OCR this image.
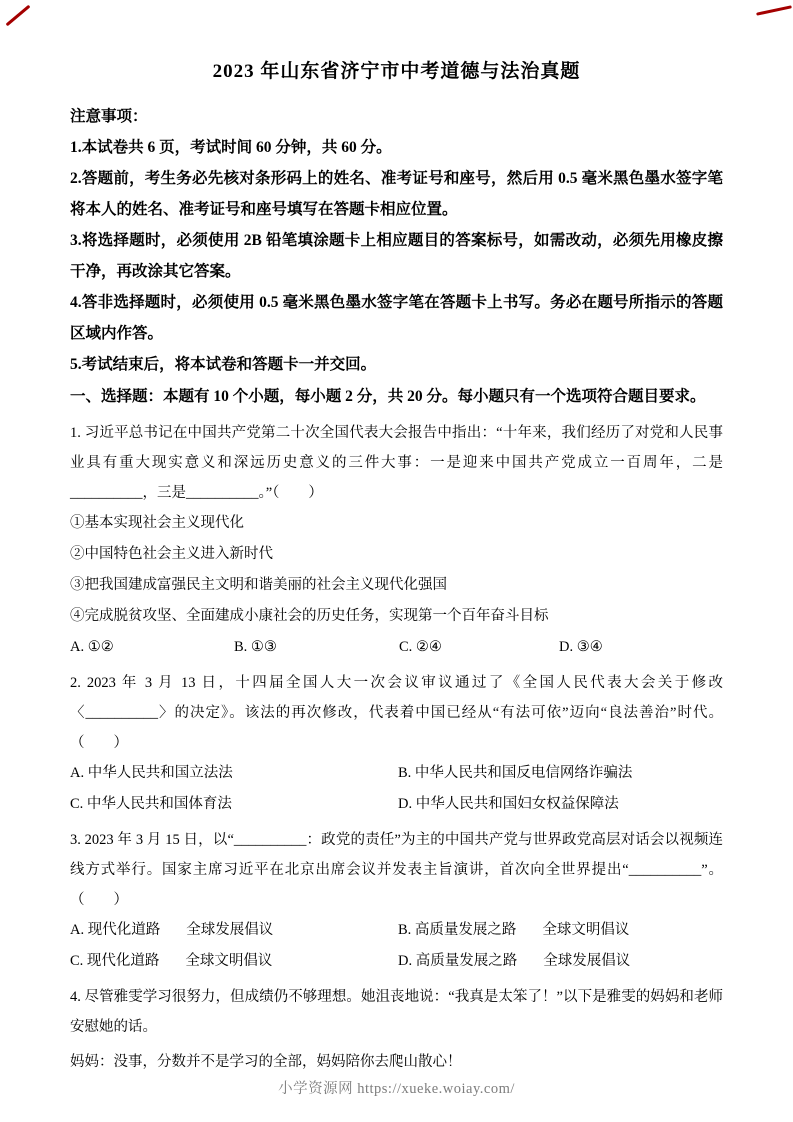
2023 年山东省济宁市中考道德与法治真题

注意事项：

1.本试卷共 6 页，考试时间 60 分钟，共 60 分。

2.答题前，考生务必先核对条形码上的姓名、准考证号和座号，然后用 0.5 毫米黑色墨水签字笔将本人的姓名、准考证号和座号填写在答题卡相应位置。

3.将选择题时，必须使用 2B 铅笔填涂题卡上相应题目的答案标号，如需改动，必须先用橡皮擦干净，再改涂其它答案。

4.答非选择题时，必须使用 0.5 毫米黑色墨水签字笔在答题卡上书写。务必在题号所指示的答题区域内作答。

5.考试结束后，将本试卷和答题卡一并交回。

一、选择题：本题有 10 个小题，每小题 2 分，共 20 分。每小题只有一个选项符合题目要求。

1. 习近平总书记在中国共产党第二十次全国代表大会报告中指出：“十年来，我们经历了对党和人民事业具有重大现实意义和深远历史意义的三件大事：一是迎来中国共产党成立一百周年，二是__________，三是__________。”（　　）

①基本实现社会主义现代化

②中国特色社会主义进入新时代

③把我国建成富强民主文明和谐美丽的社会主义现代化强国

④完成脱贫攻坚、全面建成小康社会的历史任务，实现第一个百年奋斗目标

A. ①②	B. ①③	C. ②④	D. ③④

2. 2023 年 3 月 13 日，十四届全国人大一次会议审议通过了《全国人民代表大会关于修改〈__________〉的决定》。该法的再次修改，代表着中国已经从“有法可依”迈向“良法善治”时代。（　　）

A. 中华人民共和国立法法	B. 中华人民共和国反电信网络诈骗法
C. 中华人民共和国体育法	D. 中华人民共和国妇女权益保障法

3. 2023 年 3 月 15 日，以“__________：政党的责任”为主的中国共产党与世界政党高层对话会以视频连线方式举行。国家主席习近平在北京出席会议并发表主旨演讲，首次向全世界提出“__________”。（　　）

A. 现代化道路 全球发展倡议	B. 高质量发展之路 全球文明倡议
C. 现代化道路 全球文明倡议	D. 高质量发展之路 全球发展倡议

4. 尽管雅雯学习很努力，但成绩仍不够理想。她沮丧地说：“我真是太笨了！”以下是雅雯的妈妈和老师安慰她的话。

妈妈：没事，分数并不是学习的全部，妈妈陪你去爬山散心！

小学资源网 https://xueke.woiay.com/
